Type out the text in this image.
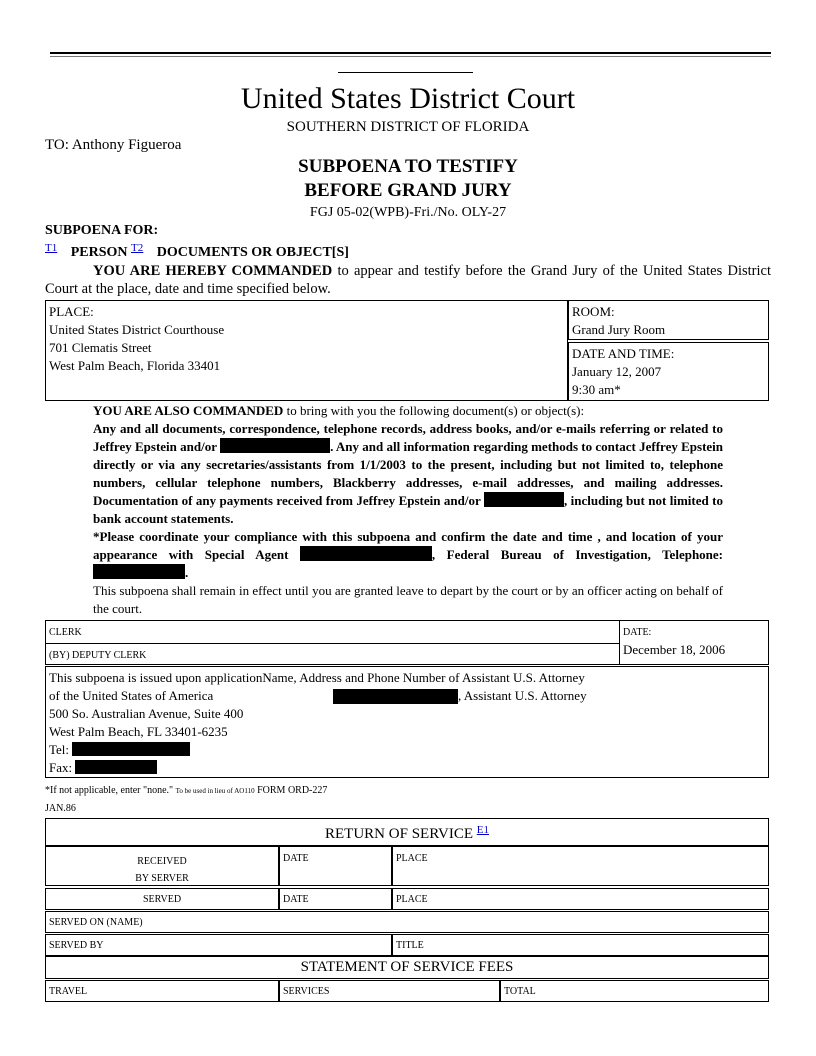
United States District Court
SOUTHERN DISTRICT OF FLORIDA
TO: Anthony Figueroa
SUBPOENA TO TESTIFY
BEFORE GRAND JURY
FGJ 05-02(WPB)-Fri./No. OLY-27
SUBPOENA FOR:
$^{T1}$ PERSON $^{T2}$ DOCUMENTS OR OBJECT[S]
YOU ARE HEREBY COMMANDED to appear and testify before the Grand Jury of the United States District Court at the place, date and time specified below.
PLACE:
United States District Courthouse
701 Clematis Street
West Palm Beach, Florida 33401
ROOM:
Grand Jury Room
DATE AND TIME:
January 12, 2007
9:30 am*
YOU ARE ALSO COMMANDED to bring with you the following document(s) or object(s):
Any and all documents, correspondence, telephone records, address books, and/or e-mails referring or related to Jeffrey Epstein and/or	. Any and all information regarding methods to contact Jeffrey Epstein directly or via any secretaries/assistants from 1/1/2003 to the present, including but not limited to, telephone numbers, cellular telephone numbers, Blackberry addresses, e-mail addresses, and mailing addresses. Documentation of any payments received from Jeffrey Epstein and/or	, including but not limited to bank account statements.
*Please coordinate your compliance with this subpoena and confirm the date and time , and location of your appearance with Special Agent	, Federal Bureau of Investigation, Telephone: .
This subpoena shall remain in effect until you are granted leave to depart by the court or by an officer acting on behalf of the court.
CLERK
(BY) DEPUTY CLERK
DATE:
December 18, 2006
This subpoena is issued upon applicationName, Address and Phone Number of Assistant U.S. Attorney
of the United States of America	, Assistant U.S. Attorney
500 So. Australian Avenue, Suite 400
West Palm Beach, FL 33401-6235
Tel:
Fax:
*If not applicable, enter "none." To be used in lieu of AO110 FORM ORD-227
JAN.86
RETURN OF SERVICE $^{E1}$
RECEIVED
BY SERVER
DATE	PLACE
SERVED	DATE	PLACE
SERVED ON (NAME)
SERVED BY	TITLE
STATEMENT OF SERVICE FEES
TRAVEL	SERVICES	TOTAL
